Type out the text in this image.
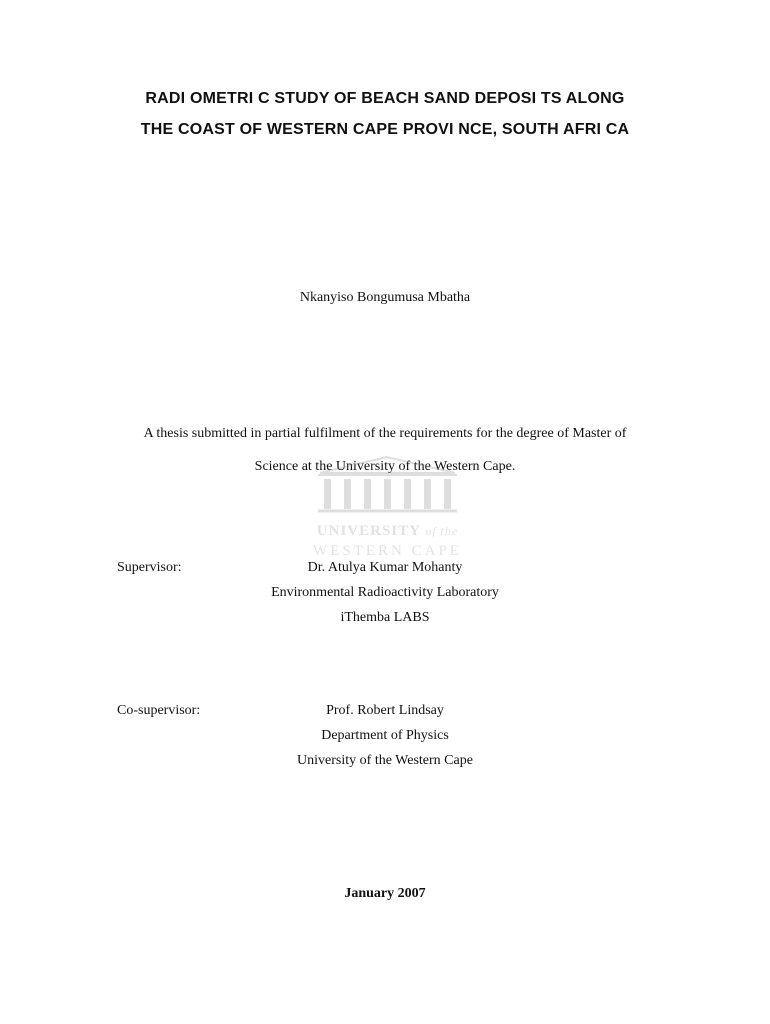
RADI OMETRI C STUDY OF BEACH SAND DEPOSI TS ALONG
THE COAST OF WESTERN CAPE PROVI NCE, SOUTH AFRI CA
Nkanyiso Bongumusa Mbatha
A thesis submitted in partial fulfilment of the requirements for the degree of Master of
Science at the University of the Western Cape.
UNIVERSITY of the
WESTERN CAPE
Supervisor:	Dr. Atulya Kumar Mohanty
Environmental Radioactivity Laboratory
iThemba LABS
Co-supervisor:	Prof. Robert Lindsay
Department of Physics
University of the Western Cape
January 2007
